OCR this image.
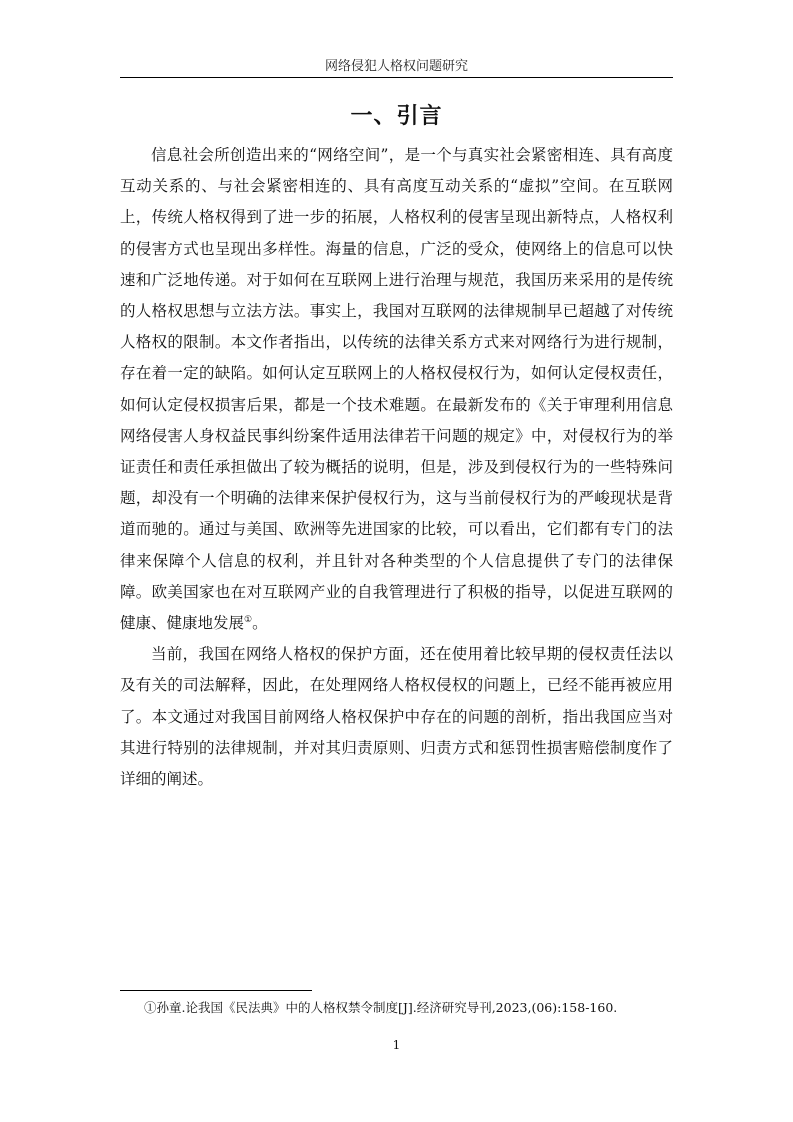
网络侵犯人格权问题研究
一、引言

信息社会所创造出来的“网络空间”，是一个与真实社会紧密相连、具有高度互动关系的、与社会紧密相连的、具有高度互动关系的“虚拟”空间。在互联网上，传统人格权得到了进一步的拓展，人格权利的侵害呈现出新特点，人格权利的侵害方式也呈现出多样性。海量的信息，广泛的受众，使网络上的信息可以快速和广泛地传递。对于如何在互联网上进行治理与规范，我国历来采用的是传统的人格权思想与立法方法。事实上，我国对互联网的法律规制早已超越了对传统人格权的限制。本文作者指出，以传统的法律关系方式来对网络行为进行规制，存在着一定的缺陷。如何认定互联网上的人格权侵权行为，如何认定侵权责任，如何认定侵权损害后果，都是一个技术难题。在最新发布的《关于审理利用信息网络侵害人身权益民事纠纷案件适用法律若干问题的规定》中，对侵权行为的举证责任和责任承担做出了较为概括的说明，但是，涉及到侵权行为的一些特殊问题，却没有一个明确的法律来保护侵权行为，这与当前侵权行为的严峻现状是背道而驰的。通过与美国、欧洲等先进国家的比较，可以看出，它们都有专门的法律来保障个人信息的权利，并且针对各种类型的个人信息提供了专门的法律保障。欧美国家也在对互联网产业的自我管理进行了积极的指导，以促进互联网的健康、健康地发展①。

当前，我国在网络人格权的保护方面，还在使用着比较早期的侵权责任法以及有关的司法解释，因此，在处理网络人格权侵权的问题上，已经不能再被应用了。本文通过对我国目前网络人格权保护中存在的问题的剖析，指出我国应当对其进行特别的法律规制，并对其归责原则、归责方式和惩罚性损害赔偿制度作了详细的阐述。

①孙童.论我国《民法典》中的人格权禁令制度[J].经济研究导刊,2023,(06):158-160.
1
